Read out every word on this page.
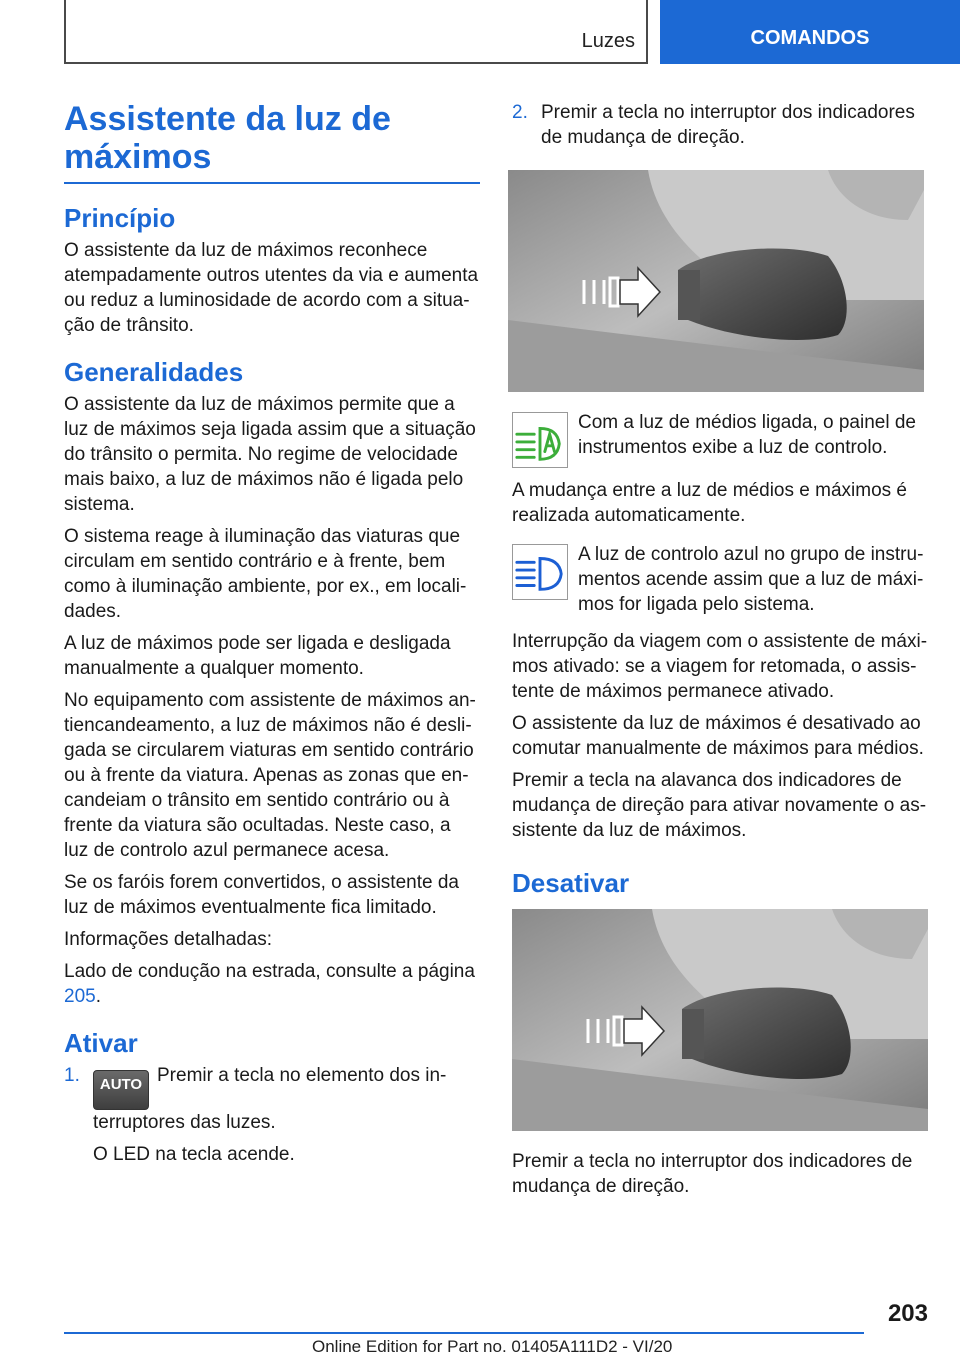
Luzes	COMANDOS
Assistente da luz de máximos
Princípio

O assistente da luz de máximos reconhece atempadamente outros utentes da via e aumenta ou reduz a luminosidade de acordo com a situação de trânsito.

Generalidades

O assistente da luz de máximos permite que a luz de máximos seja ligada assim que a situação do trânsito o permita. No regime de velocidade mais baixo, a luz de máximos não é ligada pelo sistema.

O sistema reage à iluminação das viaturas que circulam em sentido contrário e à frente, bem como à iluminação ambiente, por ex., em localidades.

A luz de máximos pode ser ligada e desligada manualmente a qualquer momento.

No equipamento com assistente de máximos antiencandeamento, a luz de máximos não é desligada se circularem viaturas em sentido contrário ou à frente da viatura. Apenas as zonas que encandeiam o trânsito em sentido contrário ou à frente da viatura são ocultadas. Neste caso, a luz de controlo azul permanece acesa.

Se os faróis forem convertidos, o assistente da luz de máximos eventualmente fica limitado.

Informações detalhadas:

Lado de condução na estrada, consulte a página 205.

Ativar
1. AUTO Premir a tecla no elemento dos interruptores das luzes.
O LED na tecla acende.
2. Premir a tecla no interruptor dos indicadores de mudança de direção.
Com a luz de médios ligada, o painel de instrumentos exibe a luz de controlo.

A mudança entre a luz de médios e máximos é realizada automaticamente.

A luz de controlo azul no grupo de instrumentos acende assim que a luz de máximos for ligada pelo sistema.

Interrupção da viagem com o assistente de máximos ativado: se a viagem for retomada, o assistente de máximos permanece ativado.

O assistente da luz de máximos é desativado ao comutar manualmente de máximos para médios.

Premir a tecla na alavanca dos indicadores de mudança de direção para ativar novamente o assistente da luz de máximos.

Desativar

Premir a tecla no interruptor dos indicadores de mudança de direção.

203
Online Edition for Part no. 01405A111D2 - VI/20
